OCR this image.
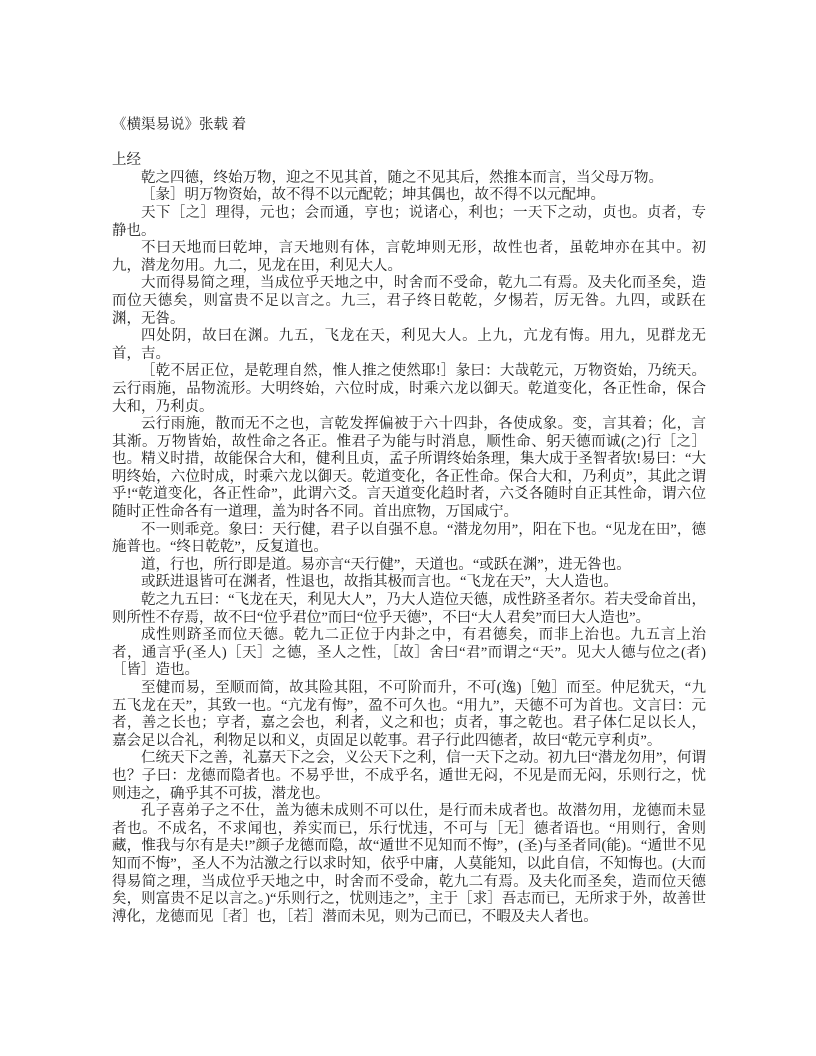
《横渠易说》张载 着
上经

乾之四德，终始万物，迎之不见其首，随之不见其后，然推本而言，当父母万物。

［彖］明万物资始，故不得不以元配乾；坤其偶也，故不得不以元配坤。

天下［之］理得，元也；会而通，亨也；说诸心，利也；一天下之动，贞也。贞者，专静也。

不曰天地而曰乾坤，言天地则有体，言乾坤则无形，故性也者，虽乾坤亦在其中。初九，潜龙勿用。九二，见龙在田，利见大人。

大而得易简之理，当成位乎天地之中，时舍而不受命，乾九二有焉。及夫化而圣矣，造而位天德矣，则富贵不足以言之。九三，君子终日乾乾，夕惕若，厉无咎。九四，或跃在渊，无咎。

四处阴，故曰在渊。九五，飞龙在天，利见大人。上九，亢龙有悔。用九，见群龙无首，吉。

［乾不居正位，是乾理自然，惟人推之使然耶!］彖曰：大哉乾元，万物资始，乃统天。云行雨施，品物流形。大明终始，六位时成，时乘六龙以御天。乾道变化，各正性命，保合大和，乃利贞。

云行雨施，散而无不之也，言乾发挥偏被于六十四卦，各使成象。变，言其着；化，言其渐。万物皆始，故性命之各正。惟君子为能与时消息，顺性命、躬天德而诚(之)行［之］也。精义时措，故能保合大和，健利且贞，孟子所谓终始条理，集大成于圣智者欤!易曰：“大明终始，六位时成，时乘六龙以御天。乾道变化，各正性命。保合大和，乃利贞”，其此之谓乎!“乾道变化，各正性命”，此谓六爻。言天道变化趋时者，六爻各随时自正其性命，谓六位随时正性命各有一道理，盖为时各不同。首出庶物，万国咸宁。

不一则乖竞。象曰：天行健，君子以自强不息。“潜龙勿用”，阳在下也。“见龙在田”，德施普也。“终日乾乾”，反复道也。

道，行也，所行即是道。易亦言“天行健”，天道也。“或跃在渊”，进无咎也。

或跃进退皆可在渊者，性退也，故指其极而言也。“飞龙在天”，大人造也。

乾之九五曰：“飞龙在天，利见大人”，乃大人造位天德，成性跻圣者尔。若夫受命首出，则所性不存焉，故不曰“位乎君位”而曰“位乎天德”，不曰“大人君矣”而曰大人造也”。

成性则跻圣而位天德。乾九二正位于内卦之中，有君德矣，而非上治也。九五言上治者，通言乎(圣人)［天］之德，圣人之性，［故］舍曰“君”而谓之“天”。见大人德与位之(者)［皆］造也。

至健而易，至顺而简，故其险其阻，不可阶而升，不可(逸)［勉］而至。仲尼犹天，“九五飞龙在天”，其致一也。“亢龙有悔”，盈不可久也。“用九”，天德不可为首也。文言曰：元者，善之长也；亨者，嘉之会也，利者，义之和也；贞者，事之乾也。君子体仁足以长人，嘉会足以合礼，利物足以和义，贞固足以乾事。君子行此四德者，故曰“乾元亨利贞”。

仁统天下之善，礼嘉天下之会，义公天下之利，信一天下之动。初九曰“潜龙勿用”，何谓也？子曰：龙德而隐者也。不易乎世，不成乎名，遁世无闷，不见是而无闷，乐则行之，忧则违之，确乎其不可拔，潜龙也。

孔子喜弟子之不仕，盖为德未成则不可以仕，是行而未成者也。故潜勿用，龙德而未显者也。不成名，不求闻也，养实而已，乐行忧违，不可与［无］德者语也。“用则行，舍则藏，惟我与尔有是夫!”颜子龙德而隐，故“遁世不见知而不悔”，(圣)与圣者同(能)。“遁世不见知而不悔”，圣人不为沽激之行以求时知，依乎中庸，人莫能知，以此自信，不知悔也。(大而得易简之理，当成位乎天地之中，时舍而不受命，乾九二有焉。及夫化而圣矣，造而位天德矣，则富贵不足以言之。)“乐则行之，忧则违之”，主于［求］吾志而已，无所求于外，故善世溥化，龙德而见［者］也，［若］潜而未见，则为己而已，不暇及夫人者也。
